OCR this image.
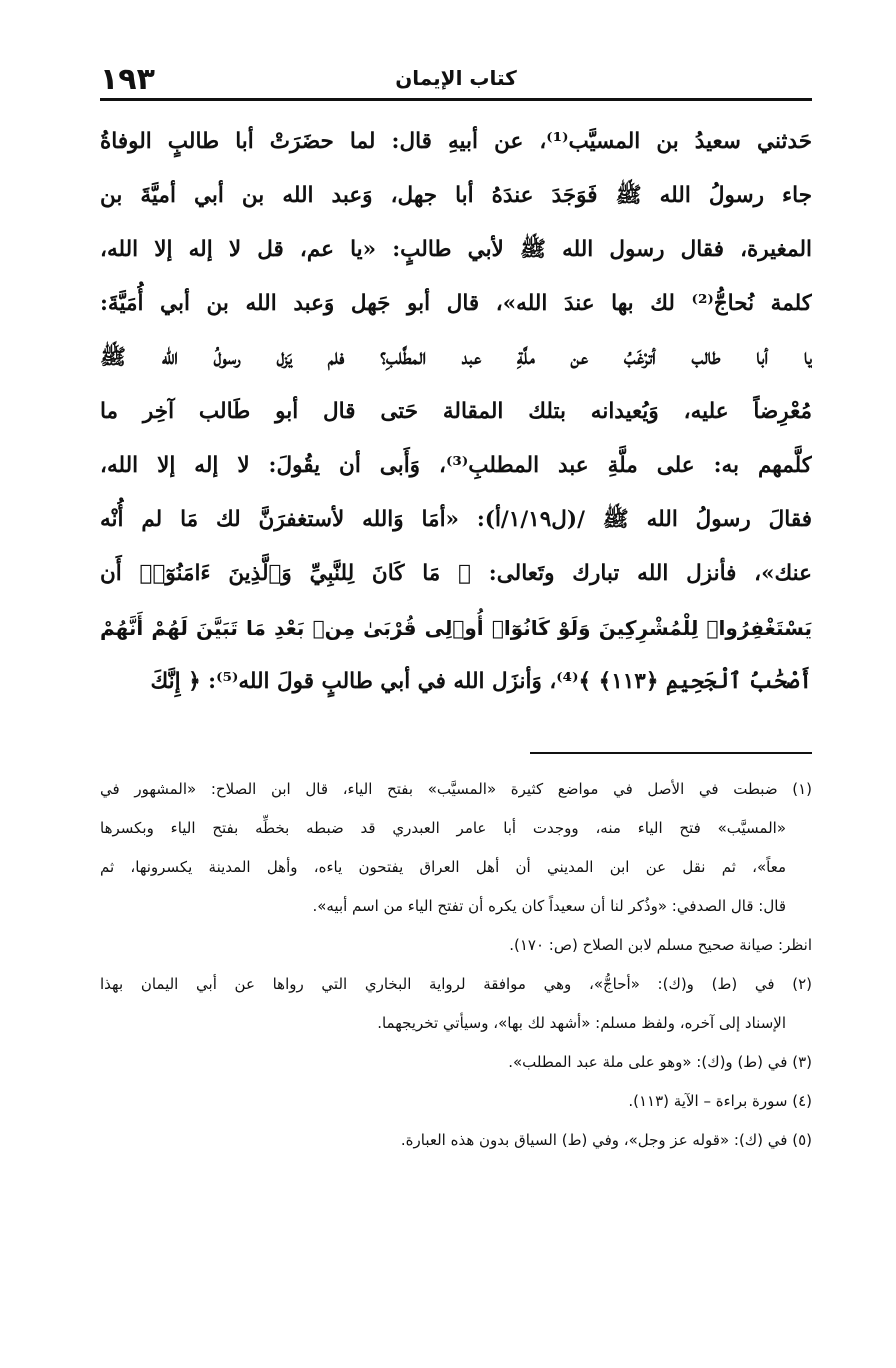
١٩٣	كتاب الإيمان
حَدثني سعيدُ بن المسيَّب⁽¹⁾، عن أبيهِ قال: لما حضَرَتْ أبا طالبٍ الوفاةُ
جاء رسولُ الله ﷺ فَوَجَدَ عندَهُ أبا جهل، وَعبد الله بن أبي أميَّةَ بن
المغيرة، فقال رسول الله ﷺ لأبي طالبٍ: «يا عم، قل لا إله إلا الله،
كلمة نُحاجُّ⁽²⁾ لك بها عندَ الله»، قال أبو جَهل وَعبد الله بن أبي أُمَيَّةَ:
يا أبا طالب أترْغَبُ عن ملَّةِ عبد المطَّلبِ؟ فلم يَزل رسولُ الله ﷺ
مُعْرِضاً عليه، وَيُعيدانه بتلك المقالة حَتى قال أبو طَالب آخِر ما
كلَّمهم به: على ملَّةِ عبد المطلبِ⁽³⁾، وَأَبى أن يقُولَ: لا إله إلا الله،
فقالَ رسولُ الله ﷺ /(ل١/١٩/أ): «أمَا وَالله لأستغفرَنَّ لك مَا لم أُنْه
عنك»، فأنزل الله تبارك وتَعالى: ﴿ مَا كَانَ لِلنَّبِيِّ وَٱلَّذِينَ ءَامَنُوٓا۟ أَن
يَسْتَغْفِرُوا۟ لِلْمُشْرِكِينَ وَلَوْ كَانُوٓا۟ أُو۟لِى قُرْبَىٰ مِنۢ بَعْدِ مَا تَبَيَّنَ لَهُمْ أَنَّهُمْ
أَصْحَٰبُ ٱلْجَحِيمِ ﴿١١٣﴾ ﴾⁽⁴⁾، وَأنزَل الله في أبي طالبٍ قولَ الله⁽⁵⁾: ﴿ إِنَّكَ
(١) ضبطت في الأصل في مواضع كثيرة «المسيَّب» بفتح الياء، قال ابن الصلاح: «المشهور في
«المسيَّب» فتح الياء منه، ووجدت أبا عامر العبدري قد ضبطه بخطِّه بفتح الياء وبكسرها
معاً»، ثم نقل عن ابن المديني أن أهل العراق يفتحون ياءه، وأهل المدينة يكسرونها، ثم
قال: قال الصدفي: «وذُكر لنا أن سعيداً كان يكره أن تفتح الياء من اسم أبيه».
انظر: صيانة صحيح مسلم لابن الصلاح (ص: ١٧٠).
(٢) في (ط) و(ك): «أحاجُّ»، وهي موافقة لرواية البخاري التي رواها عن أبي اليمان بهذا
الإسناد إلى آخره، ولفظ مسلم: «أشهد لك بها»، وسيأتي تخريجهما.
(٣) في (ط) و(ك): «وهو على ملة عبد المطلب».
(٤) سورة براءة – الآية (١١٣).
(٥) في (ك): «قوله عز وجل»، وفي (ط) السياق بدون هذه العبارة.
